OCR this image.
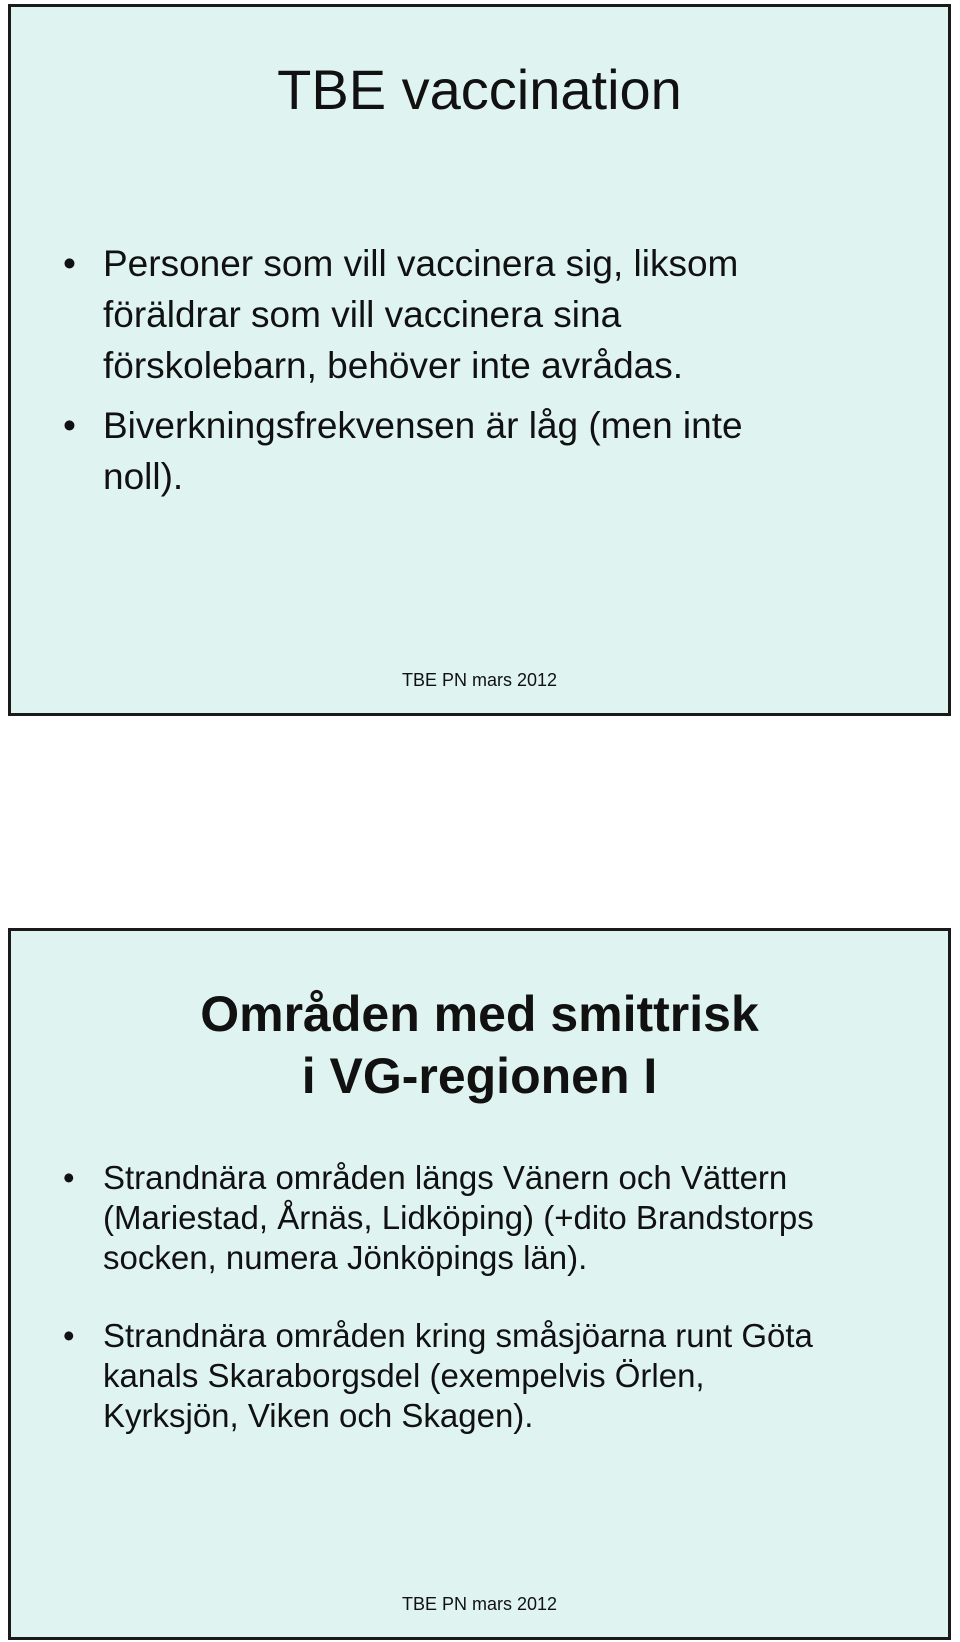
TBE vaccination
• Personer som vill vaccinera sig, liksom
föräldrar som vill vaccinera sina
förskolebarn, behöver inte avrådas.
• Biverkningsfrekvensen är låg (men inte
noll).
TBE PN mars 2012
Områden med smittrisk
i VG-regionen I
• Strandnära områden längs Vänern och Vättern
(Mariestad, Årnäs, Lidköping) (+dito Brandstorps
socken, numera Jönköpings län).
• Strandnära områden kring småsjöarna runt Göta
kanals Skaraborgsdel (exempelvis Örlen,
Kyrksjön, Viken och Skagen).
TBE PN mars 2012
